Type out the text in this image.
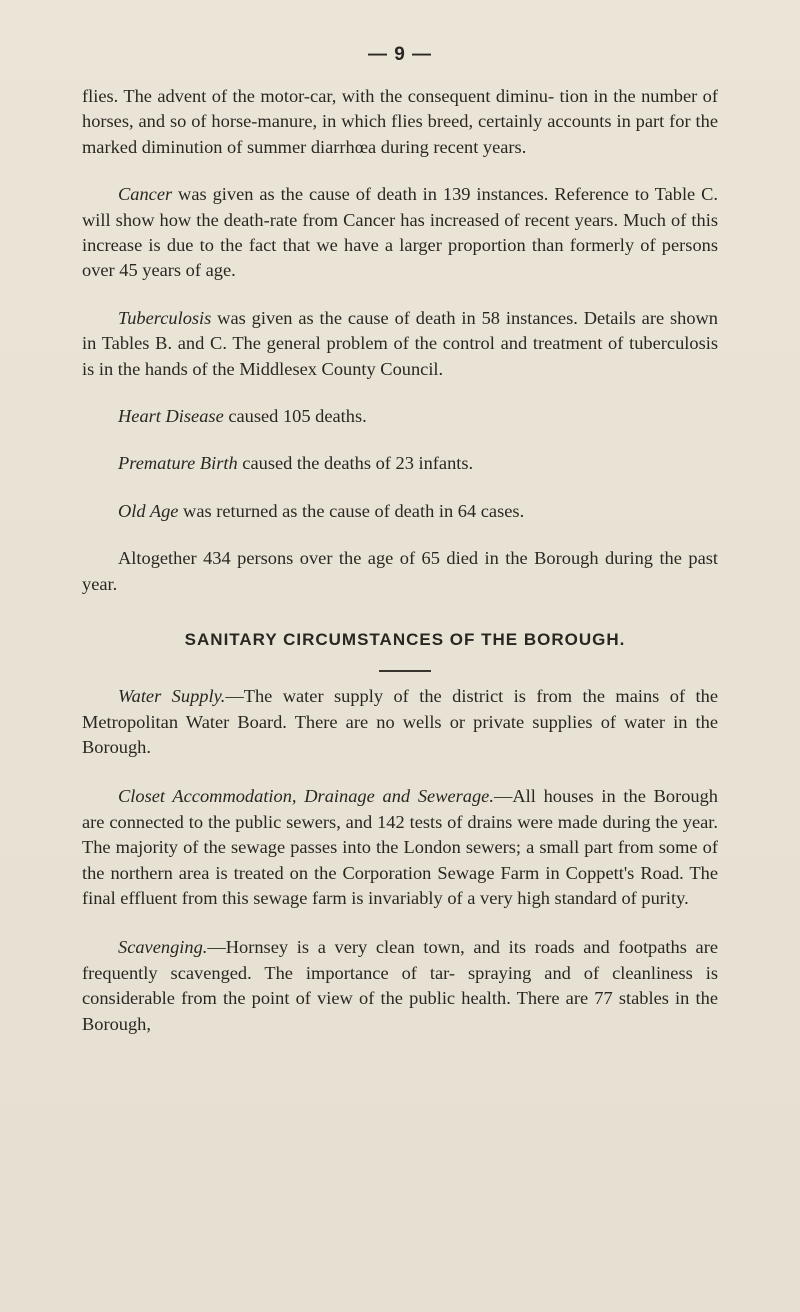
— 9 —

flies. The advent of the motor-car, with the consequent diminu- tion in the number of horses, and so of horse-manure, in which flies breed, certainly accounts in part for the marked diminution of summer diarrhœa during recent years.

Cancer was given as the cause of death in 139 instances. Reference to Table C. will show how the death-rate from Cancer has increased of recent years. Much of this increase is due to the fact that we have a larger proportion than formerly of persons over 45 years of age.

Tuberculosis was given as the cause of death in 58 instances. Details are shown in Tables B. and C. The general problem of the control and treatment of tuberculosis is in the hands of the Middlesex County Council.

Heart Disease caused 105 deaths.

Premature Birth caused the deaths of 23 infants.

Old Age was returned as the cause of death in 64 cases.

Altogether 434 persons over the age of 65 died in the Borough during the past year.

SANITARY CIRCUMSTANCES OF THE BOROUGH.

Water Supply.—The water supply of the district is from the mains of the Metropolitan Water Board. There are no wells or private supplies of water in the Borough.

Closet Accommodation, Drainage and Sewerage.—All houses in the Borough are connected to the public sewers, and 142 tests of drains were made during the year. The majority of the sewage passes into the London sewers; a small part from some of the northern area is treated on the Corporation Sewage Farm in Coppett's Road. The final effluent from this sewage farm is invariably of a very high standard of purity.

Scavenging.—Hornsey is a very clean town, and its roads and footpaths are frequently scavenged. The importance of tar- spraying and of cleanliness is considerable from the point of view of the public health. There are 77 stables in the Borough,
